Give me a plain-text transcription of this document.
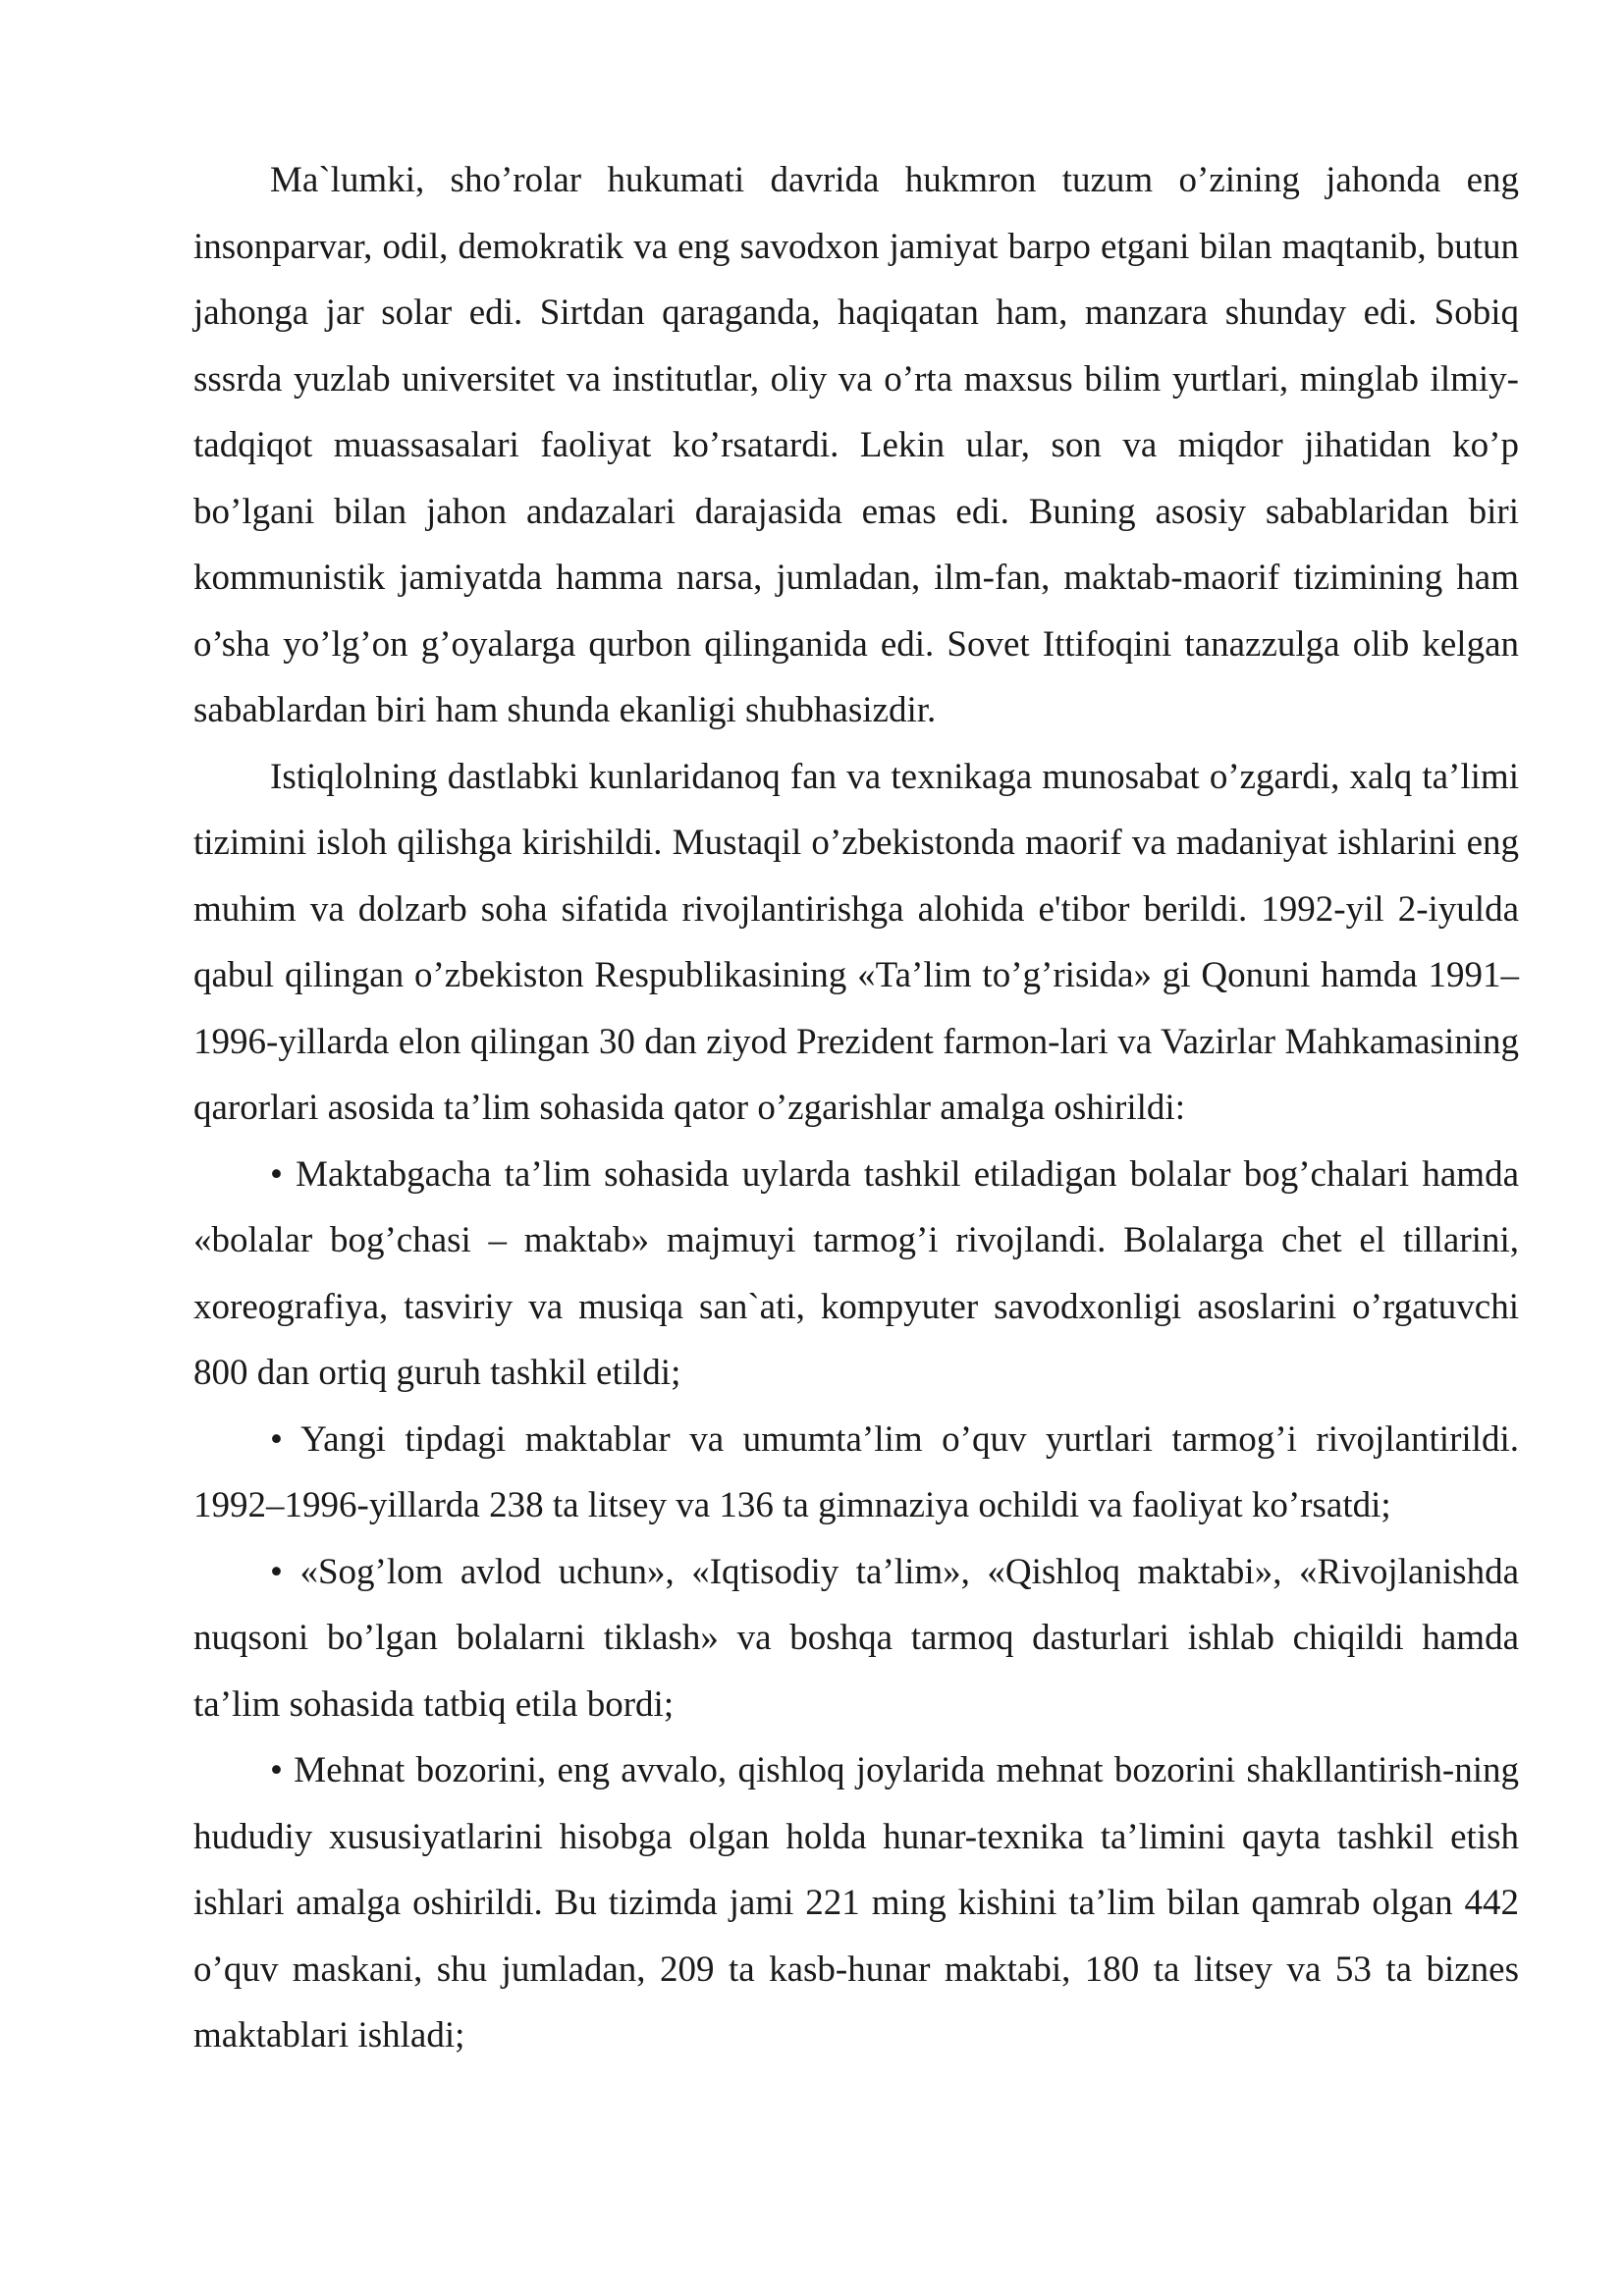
Ma`lumki, sho’rolar hukumati davrida hukmron tuzum o’zining jahonda eng insonparvar, odil, demokratik va eng savodxon jamiyat barpo etgani bilan maqtanib, butun jahonga jar solar edi. Sirtdan qaraganda, haqiqatan ham, manzara shunday edi. Sobiq sssrda yuzlab universitet va institutlar, oliy va o’rta maxsus bilim yurtlari, minglab ilmiy-tadqiqot muassasalari faoliyat ko’rsatardi. Lekin ular, son va miqdor jihatidan ko’p bo’lgani bilan jahon andazalari darajasida emas edi. Buning asosiy sabablaridan biri kommunistik jamiyatda hamma narsa, jumladan, ilm-fan, maktab-maorif tizimining ham o’sha yo’lg’on g’oyalarga qurbon qilinganida edi. Sovet Ittifoqini tanazzulga olib kelgan sabablardan biri ham shunda ekanligi shubhasizdir.

Istiqlolning dastlabki kunlaridanoq fan va texnikaga munosabat o’zgardi, xalq ta’limi tizimini isloh qilishga kirishildi. Mustaqil o’zbekistonda maorif va madaniyat ishlarini eng muhim va dolzarb soha sifatida rivojlantirishga alohida e'tibor berildi. 1992-yil 2-iyulda qabul qilingan o’zbekiston Respublikasining «Ta’lim to’g’risida» gi Qonuni hamda 1991–1996-yillarda elon qilingan 30 dan ziyod Prezident farmon-lari va Vazirlar Mahkamasining qarorlari asosida ta’lim sohasida qator o’zgarishlar amalga oshirildi:

• Maktabgacha ta’lim sohasida uylarda tashkil etiladigan bolalar bog’chalari hamda «bolalar bog’chasi – maktab» majmuyi tarmog’i rivojlandi. Bolalarga chet el tillarini, xoreografiya, tasviriy va musiqa san`ati, kompyuter savodxonligi asoslarini o’rgatuvchi 800 dan ortiq guruh tashkil etildi;

• Yangi tipdagi maktablar va umumta’lim o’quv yurtlari tarmog’i rivojlantirildi. 1992–1996-yillarda 238 ta litsey va 136 ta gimnaziya ochildi va faoliyat ko’rsatdi;

• «Sog’lom avlod uchun», «Iqtisodiy ta’lim», «Qishloq maktabi», «Rivojlanishda nuqsoni bo’lgan bolalarni tiklash» va boshqa tarmoq dasturlari ishlab chiqildi hamda ta’lim sohasida tatbiq etila bordi;

• Mehnat bozorini, eng avvalo, qishloq joylarida mehnat bozorini shakllantirish-ning hududiy xususiyatlarini hisobga olgan holda hunar-texnika ta’limini qayta tashkil etish ishlari amalga oshirildi. Bu tizimda jami 221 ming kishini ta’lim bilan qamrab olgan 442 o’quv maskani, shu jumladan, 209 ta kasb-hunar maktabi, 180 ta litsey va 53 ta biznes maktablari ishladi;
